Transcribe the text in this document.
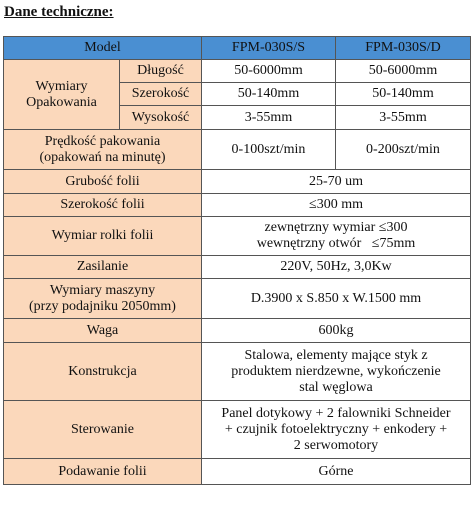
Dane techniczne:
Model		FPM-030S/S	FPM-030S/D
Wymiary Opakowania	Długość	50-6000mm	50-6000mm
	Szerokość	50-140mm	50-140mm
	Wysokość	3-55mm	3-55mm

Prędkość pakowania
(opakowań na minutę)		0-100szt/min	0-200szt/min
Grubość folii		25-70 um	
Szerokość folii		≤300 mm	
Wymiar rolki folii		zewnętrzny wymiar ≤300
wewnętrzny otwór   ≤75mm	

Zasilanie		220V, 50Hz, 3,0Kw	

Wymiary maszyny
(przy podajniku 2050mm)		D.3900 x S.850 x W.1500 mm	
Waga		600kg	
Konstrukcja		Stalowa, elementy mające styk z
produktem nierdzewne, wykończenie
stal węglowa	

Sterowanie		Panel dotykowy + 2 falowniki Schneider
+ czujnik fotoelektryczny + enkodery +
2 serwomotory	

Podawanie folii		Górne	
